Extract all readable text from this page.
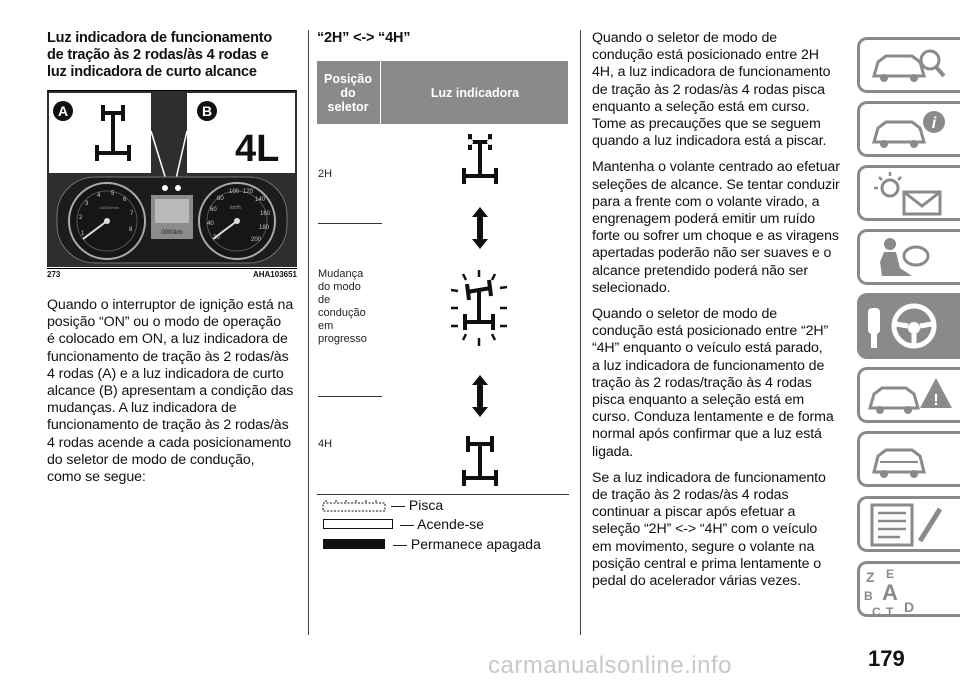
Luz indicadora de funcionamento
de tração às 2 rodas/às 4 rodas e
luz indicadora de curto alcance
A	B
4L
0000km
1
2
3
4 5
6
7
8
x1000r/min
20
40
60
80
100 120
140
160
180
200
km/h
273	AHA103651

Quando o interruptor de ignição está na
posição “ON” ou o modo de operação
é colocado em ON, a luz indicadora de
funcionamento de tração às 2 rodas/às
4 rodas (A) e a luz indicadora de curto
alcance (B) apresentam a condição das
mudanças. A luz indicadora de
funcionamento de tração às 2 rodas/às
4 rodas acende a cada posicionamento
do seletor de modo de condução,
como se segue:

“2H” <-> “4H”
Posição
do
seletor
Luz indicadora
2H
Mudança
do modo
de
condução
em
progresso
4H
— Pisca
— Acende-se
— Permanece apagada

Quando o seletor de modo de
condução está posicionado entre 2H
4H, a luz indicadora de funcionamento
de tração às 2 rodas/às 4 rodas pisca
enquanto a seleção está em curso.
Tome as precauções que se seguem
quando a luz indicadora está a piscar.

Mantenha o volante centrado ao efetuar
seleções de alcance. Se tentar conduzir
para a frente com o volante virado, a
engrenagem poderá emitir um ruído
forte ou sofrer um choque e as viragens
apertadas poderão não ser suaves e o
alcance pretendido poderá não ser
selecionado.

Quando o seletor de modo de
condução está posicionado entre “2H”
“4H” enquanto o veículo está parado,
a luz indicadora de funcionamento de
tração às 2 rodas/tração às 4 rodas
pisca enquanto a seleção está em
curso. Conduza lentamente e de forma
normal após confirmar que a luz está
ligada.

Se a luz indicadora de funcionamento
de tração às 2 rodas/às 4 rodas
continuar a piscar após efetuar a
seleção “2H” <-> “4H” com o veículo
em movimento, segure o volante na
posição central e prima lentamente o
pedal do acelerador várias vezes.

i
!
Z E
B A
C T D
179
carmanualsonline.info
